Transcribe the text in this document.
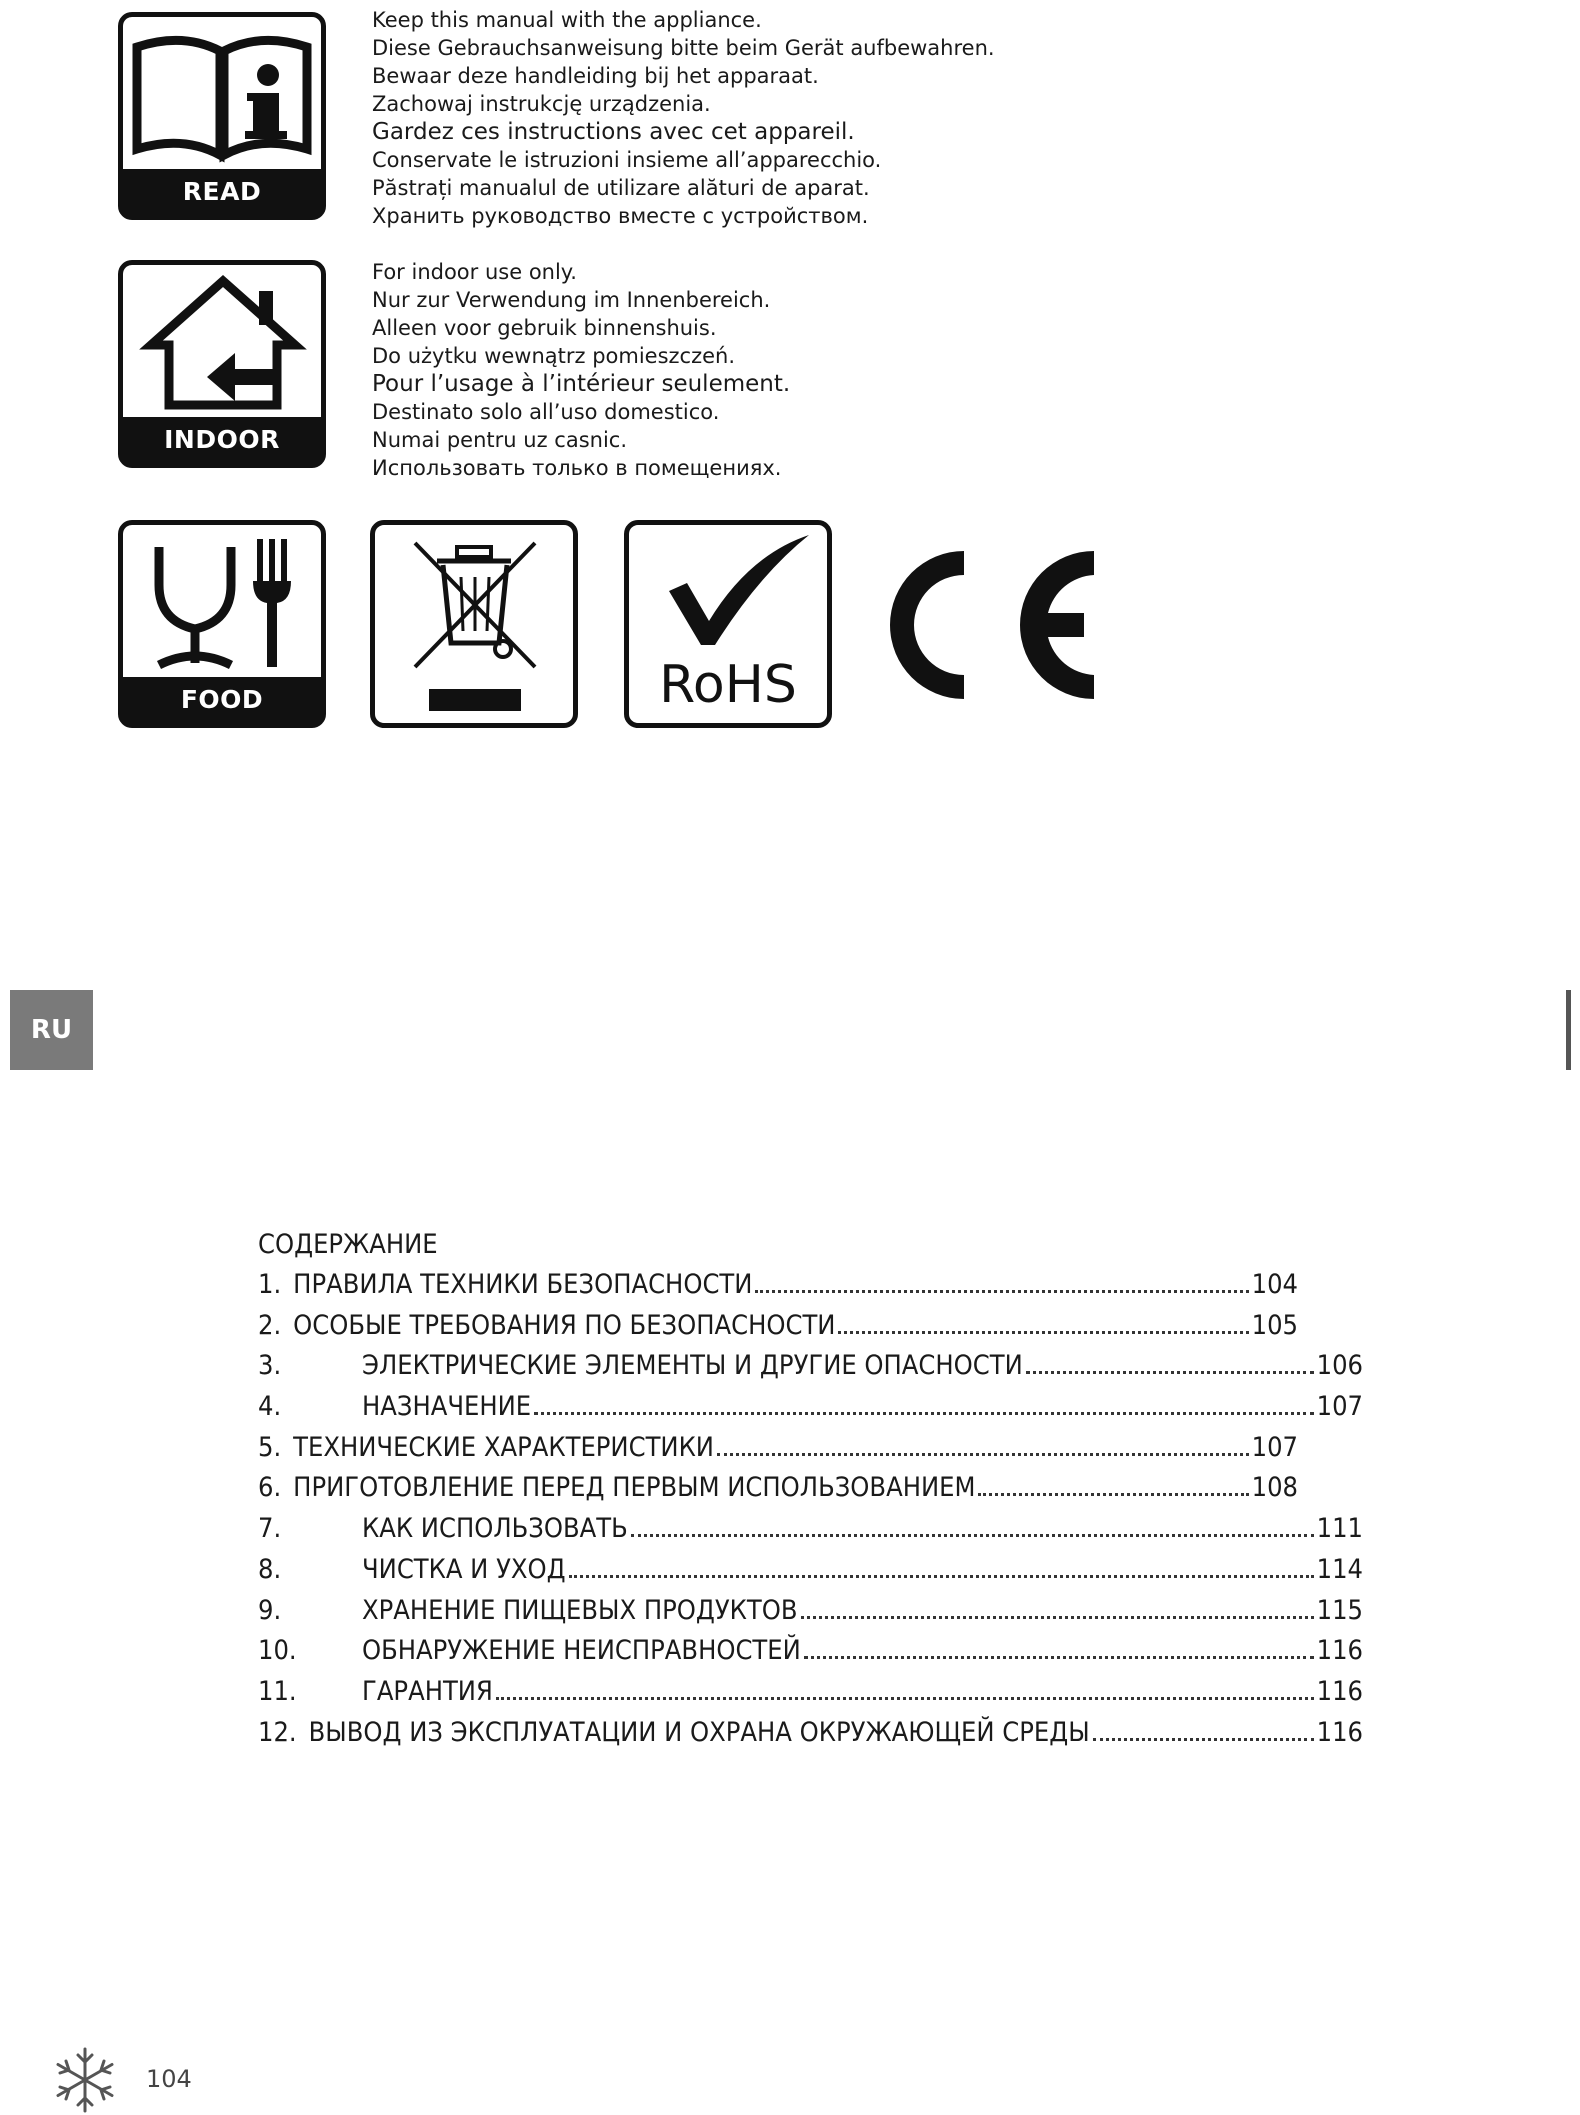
READ MANUAL
Keep this manual with the appliance.
Diese Gebrauchsanweisung bitte beim Gerät aufbewahren.
Bewaar deze handleiding bij het apparaat.
Zachowaj instrukcję urządzenia.
Gardez ces instructions avec cet appareil.
Conservate le istruzioni insieme all’apparecchio.
Păstrați manualul de utilizare alături de aparat.
Хранить руководство вместе с устройством.
INDOOR
For indoor use only.
Nur zur Verwendung im Innenbereich.
Alleen voor gebruik binnenshuis.
Do użytku wewnątrz pomieszczeń.
Pour l’usage à l’intérieur seulement.
Destinato solo all’uso domestico.
Numai pentru uz casnic.
Использовать только в помещениях.
FOOD CONTACT
RoHS
RU
СОДЕРЖАНИЕ
1. ПРАВИЛА ТЕХНИКИ БЕЗОПАСНОСТИ	104
2. ОСОБЫЕ ТРЕБОВАНИЯ ПО БЕЗОПАСНОСТИ	105
3.	ЭЛЕКТРИЧЕСКИЕ ЭЛЕМЕНТЫ И ДРУГИЕ ОПАСНОСТИ	106
4.	НАЗНАЧЕНИЕ	107
5. ТЕХНИЧЕСКИЕ ХАРАКТЕРИСТИКИ	107
6. ПРИГОТОВЛЕНИЕ ПЕРЕД ПЕРВЫМ ИСПОЛЬЗОВАНИЕМ	108
7.	КАК ИСПОЛЬЗОВАТЬ	111
8.	ЧИСТКА И УХОД	114
9.	ХРАНЕНИЕ ПИЩЕВЫХ ПРОДУКТОВ	115
10.	ОБНАРУЖЕНИЕ НЕИСПРАВНОСТЕЙ	116
11.	ГАРАНТИЯ	116
12. ВЫВОД ИЗ ЭКСПЛУАТАЦИИ И ОХРАНА ОКРУЖАЮЩЕЙ СРЕДЫ	116
104
